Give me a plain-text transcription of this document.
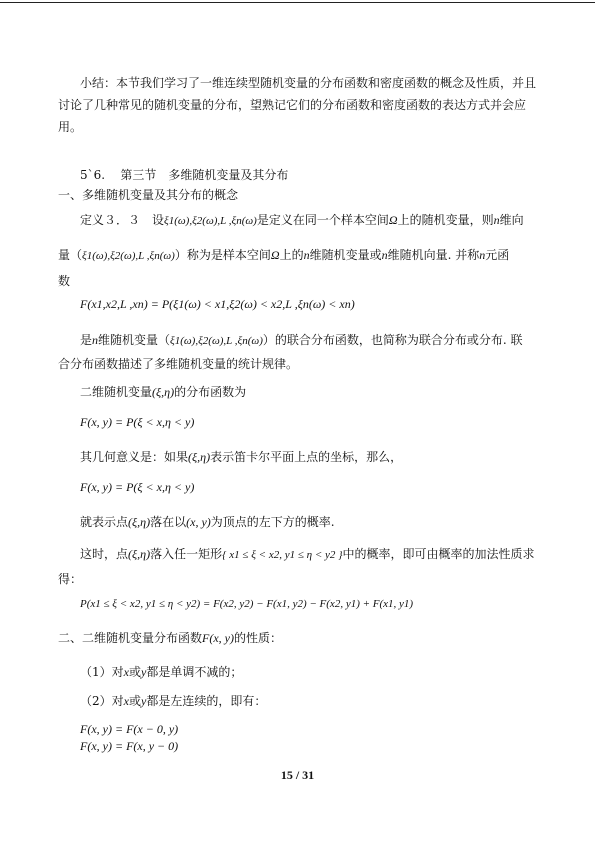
小结：本节我们学习了一维连续型随机变量的分布函数和密度函数的概念及性质，并且
讨论了几种常见的随机变量的分布，望熟记它们的分布函数和密度函数的表达方式并会应
用。
5`6. 第三节　多维随机变量及其分布
一、多维随机变量及其分布的概念
定义３．３　设ξ1(ω),ξ2(ω),L ,ξn(ω)是定义在同一个样本空间Ω上的随机变量，则n维向
量（ξ1(ω),ξ2(ω),L ,ξn(ω)）称为是样本空间Ω上的n维随机变量或n维随机向量. 并称n元函
数
F(x1,x2,L ,xn) = P(ξ1(ω) < x1,ξ2(ω) < x2,L ,ξn(ω) < xn)
是n维随机变量（ξ1(ω),ξ2(ω),L ,ξn(ω)）的联合分布函数，也简称为联合分布或分布. 联
合分布函数描述了多维随机变量的统计规律。
二维随机变量(ξ,η)的分布函数为
F(x, y) = P(ξ < x,η < y)
其几何意义是：如果(ξ,η)表示笛卡尔平面上点的坐标，那么，
F(x, y) = P(ξ < x,η < y)
就表示点(ξ,η)落在以(x, y)为顶点的左下方的概率.
这时，点(ξ,η)落入任一矩形{ x1 ≤ ξ < x2, y1 ≤ η < y2 }中的概率，即可由概率的加法性质求
得：
P(x1 ≤ ξ < x2, y1 ≤ η < y2) = F(x2, y2) − F(x1, y2) − F(x2, y1) + F(x1, y1)
二、二维随机变量分布函数F(x, y)的性质：
（1）对x或y都是单调不减的；
（2）对x或y都是左连续的，即有：
F(x, y) = F(x − 0, y)
F(x, y) = F(x, y − 0)
15 / 31
